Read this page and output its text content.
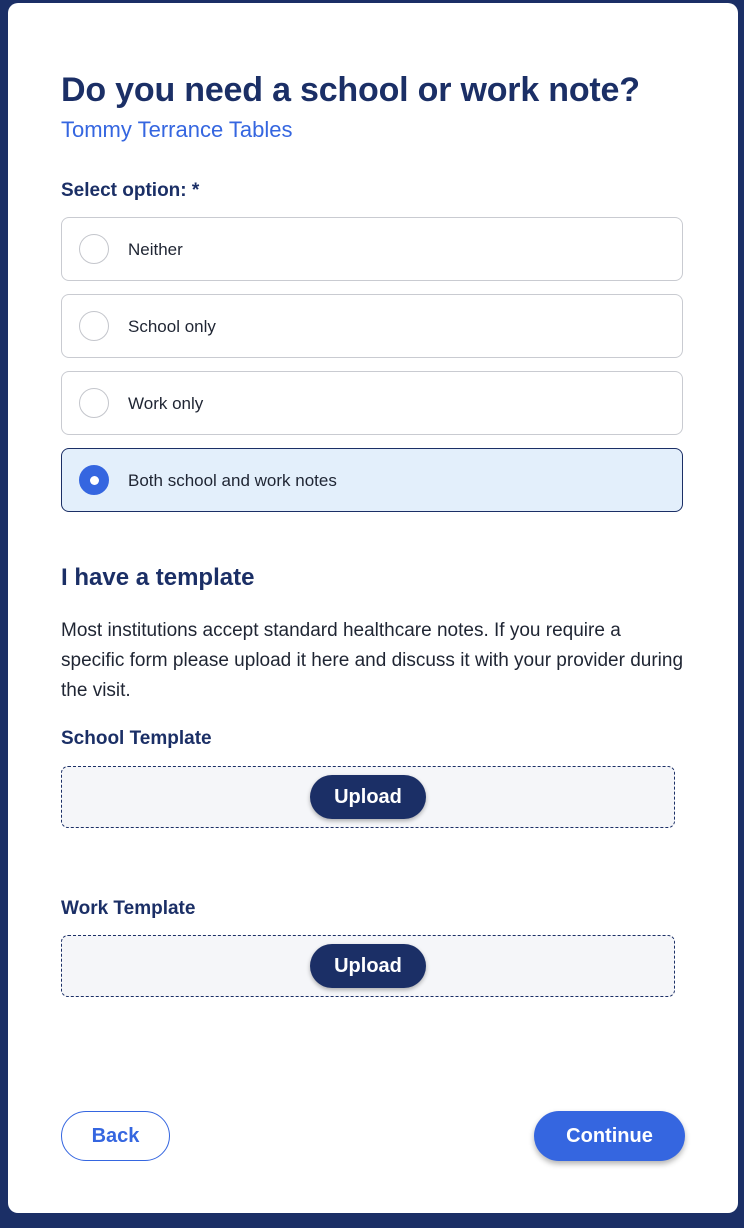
Do you need a school or work note?
Tommy Terrance Tables
Select option: *
Neither
School only
Work only
Both school and work notes
I have a template

Most institutions accept standard healthcare notes. If you require a specific form please upload it here and discuss it with your provider during the visit.

School Template
Upload
Work Template
Upload
Back	Continue
